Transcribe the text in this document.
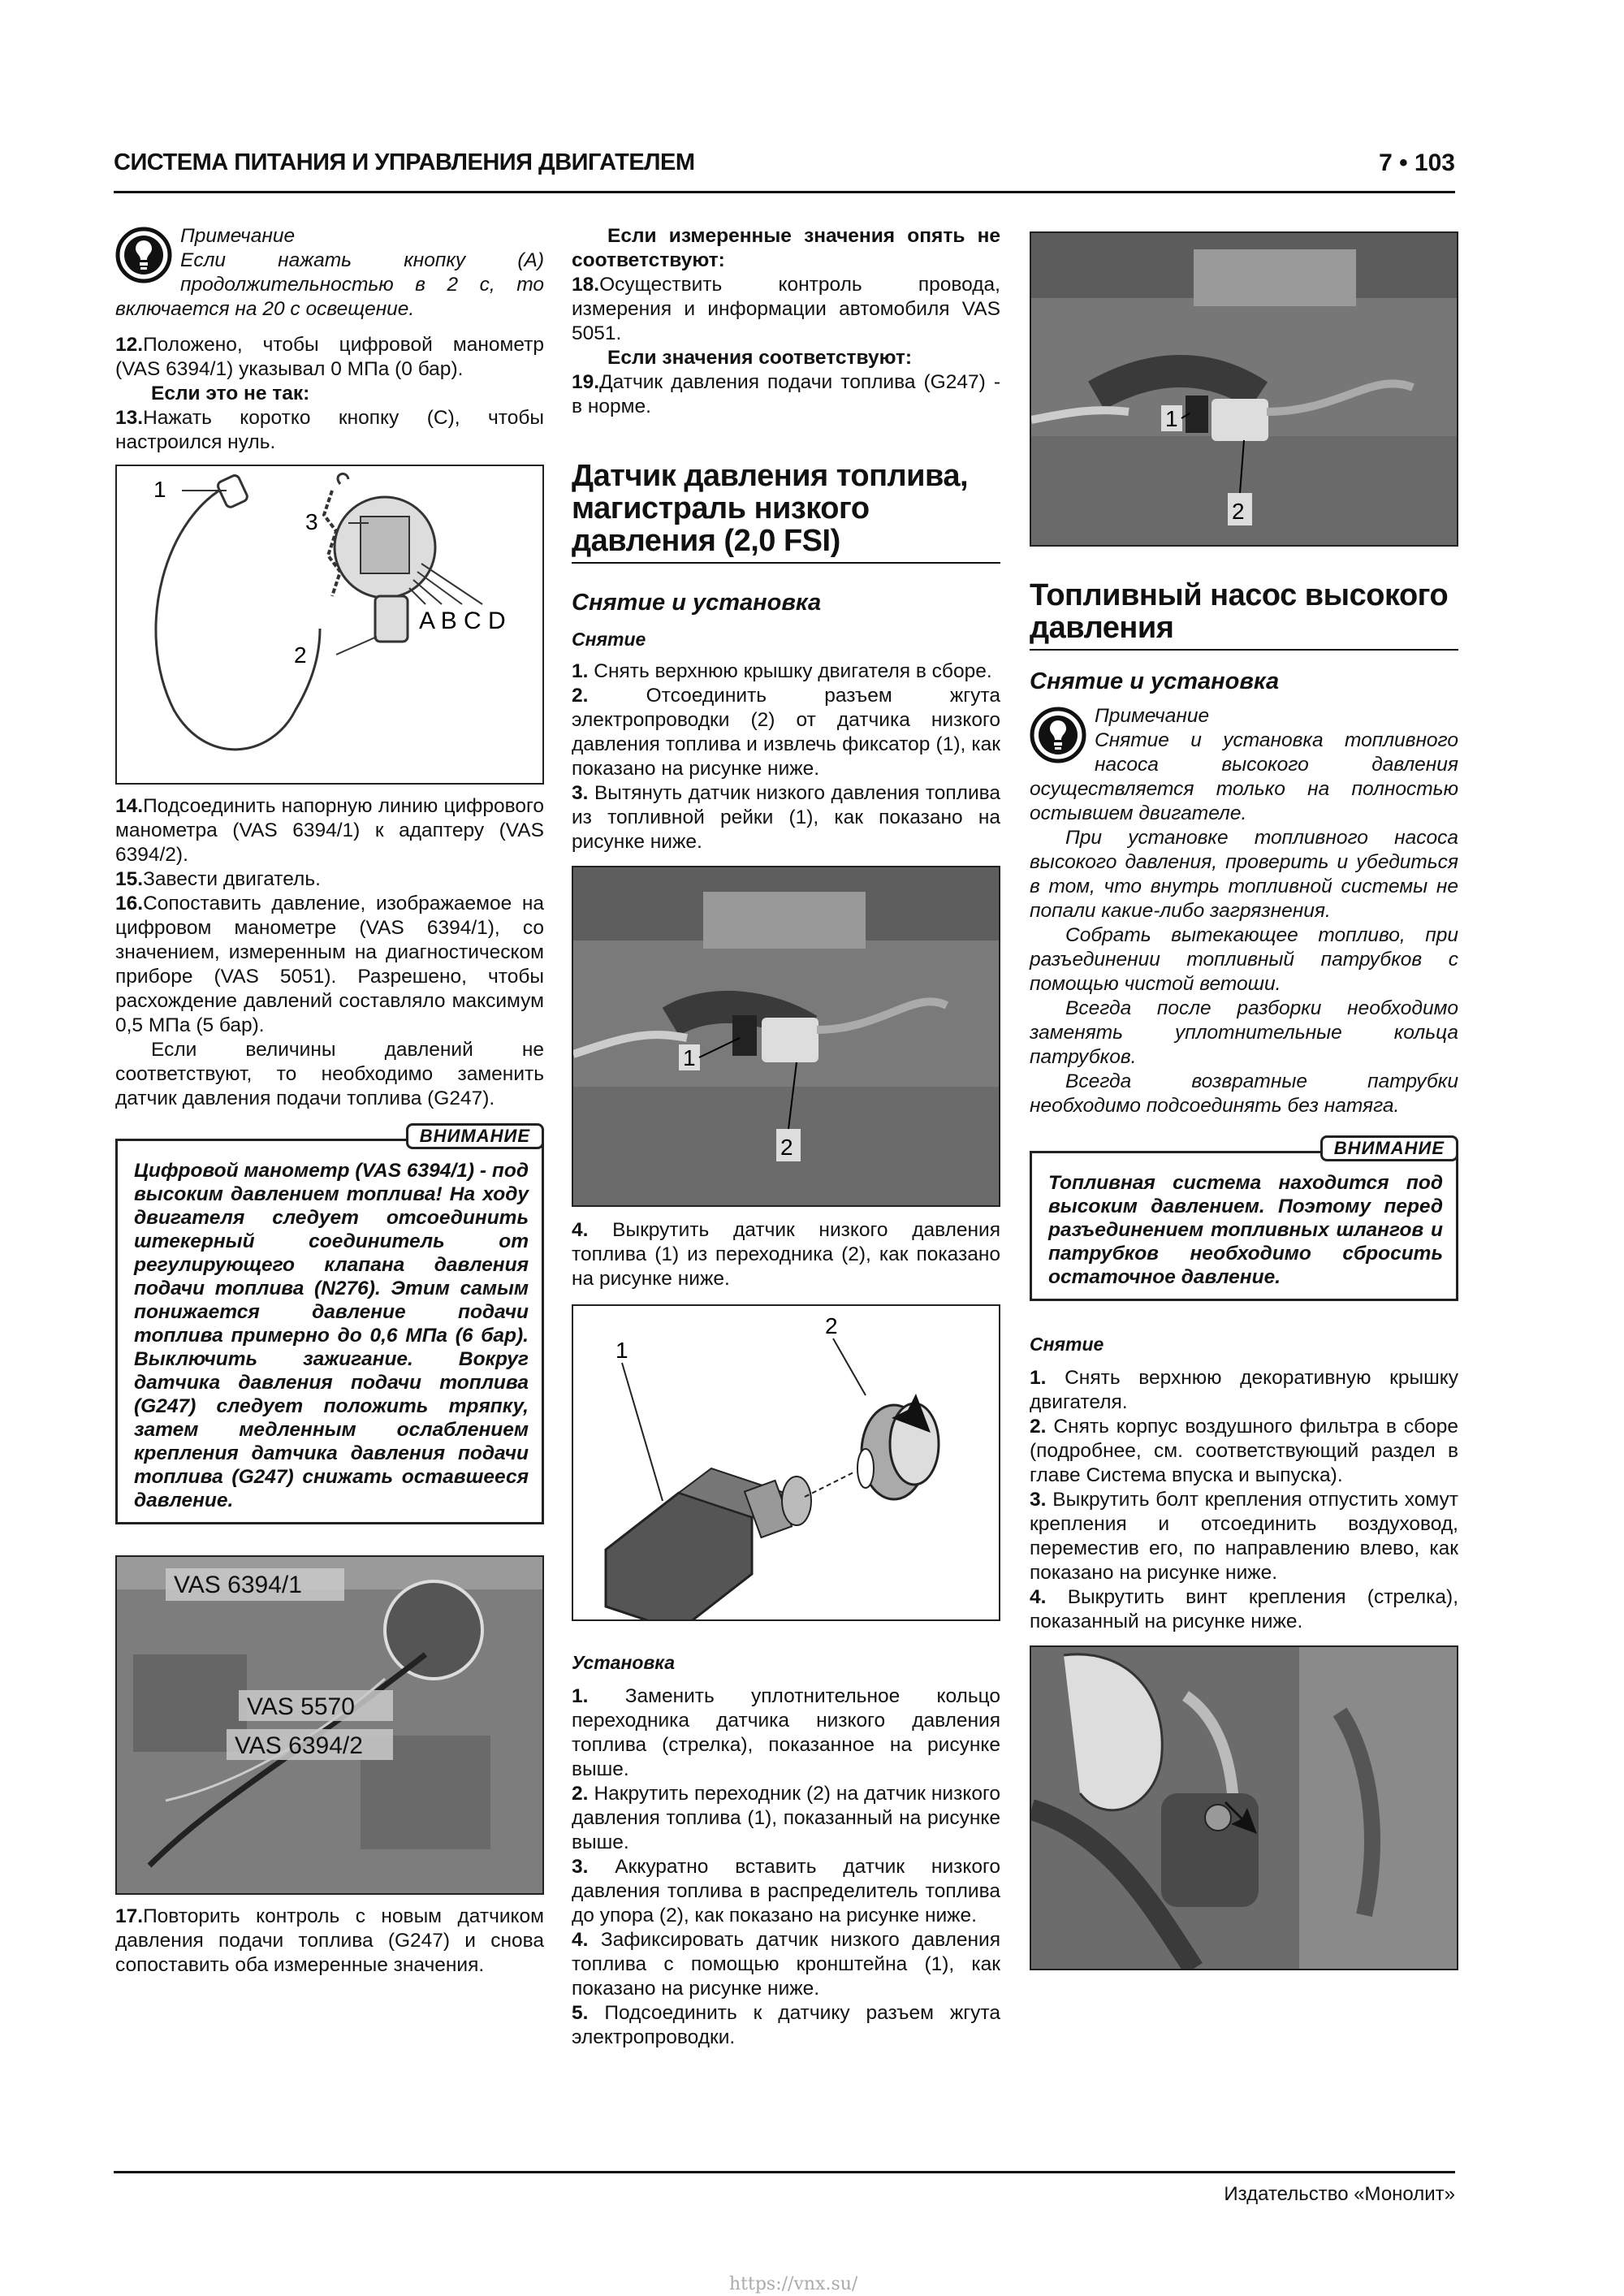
СИСТЕМА ПИТАНИЯ И УПРАВЛЕНИЯ ДВИГАТЕЛЕМ	7 • 103

Примечание

Если нажать кнопку (A) продолжительностью в 2 с, то включается на 20 с освещение.

12.Положено, чтобы цифровой манометр (VAS 6394/1) указывал 0 МПа (0 бар).

Если это не так:

13.Нажать коротко кнопку (C), чтобы настроился нуль.

1
2
3
A B C D

14.Подсоединить напорную линию цифрового манометра (VAS 6394/1) к адаптеру (VAS 6394/2).

15.Завести двигатель.

16.Сопоставить давление, изображаемое на цифровом манометре (VAS 6394/1), со значением, измеренным на диагностическом приборе (VAS 5051). Разрешено, чтобы расхождение давлений составляло максимум 0,5 МПа (5 бар).

Если величины давлений не соответствуют, то необходимо заменить датчик давления подачи топлива (G247).

ВНИМАНИЕ
Цифровой манометр (VAS 6394/1) - под высоким давлением топлива! На ходу двигателя следует отсоединить штекерный соединитель от регулирующего клапана давления подачи топлива (N276). Этим самым понижается давление подачи топлива примерно до 0,6 МПа (6 бар). Выключить зажигание. Вокруг датчика давления подачи топлива (G247) следует положить тряпку, затем медленным ослаблением крепления датчика давления подачи топлива (G247) снижать оставшееся давление.
VAS 6394/1
VAS 5570
VAS 6394/2

17.Повторить контроль с новым датчиком давления подачи топлива (G247) и снова сопоставить оба измеренные значения.

Если измеренные значения опять не соответствуют:

18.Осуществить контроль провода, измерения и информации автомобиля VAS 5051.

Если значения соответствуют:

19.Датчик давления подачи топлива (G247) - в норме.

Датчик давления топлива, магистраль низкого давления (2,0 FSI)
Снятие и установка
Снятие

1. Снять верхнюю крышку двигателя в сборе.

2.	Отсоединить разъем жгута электропроводки (2) от датчика низкого давления топлива и извлечь фиксатор (1), как показано на рисунке ниже.

3. Вытянуть датчик низкого давления топлива из топливной рейки (1), как показано на рисунке ниже.

1
2

4. Выкрутить датчик низкого давления топлива (1) из переходника (2), как показано на рисунке ниже.

1
2
Установка

1. Заменить уплотнительное кольцо переходника датчика низкого давления топлива (стрелка), показанное на рисунке выше.

2. Накрутить переходник (2) на датчик низкого давления топлива (1), показанный на рисунке выше.

3. Аккуратно вставить датчик низкого давления топлива в распределитель топлива до упора (2), как показано на рисунке ниже.

4. Зафиксировать датчик низкого давления топлива с помощью кронштейна (1), как показано на рисунке ниже.

5. Подсоединить к датчику разъем жгута электропроводки.

1
2
Топливный насос высокого давления
Снятие и установка

Примечание

Снятие и установка топливного насоса высокого давления осуществляется только на полностью остывшем двигателе.

При установке топливного насоса высокого давления, проверить и убедиться в том, что внутрь топливной системы не попали какие-либо загрязнения.

Собрать вытекающее топливо, при разъединении топливный патрубков с помощью чистой ветоши.

Всегда после разборки необходимо заменять уплотнительные кольца патрубков.

Всегда возвратные патрубки необходимо подсоединять без натяга.

ВНИМАНИЕ
Топливная система находится под высоким давлением. Поэтому перед разъединением топливных шлангов и патрубков необходимо сбросить остаточное давление.
Снятие

1. Снять верхнюю декоративную крышку двигателя.

2. Снять корпус воздушного фильтра в сборе (подробнее, см. соответствующий раздел в главе Система впуска и выпуска).

3. Выкрутить болт крепления отпустить хомут крепления и отсоединить воздуховод, переместив его, по направлению влево, как показано на рисунке ниже.

4. Выкрутить винт крепления (стрелка), показанный на рисунке ниже.

Издательство «Монолит»
https://vnx.su/
